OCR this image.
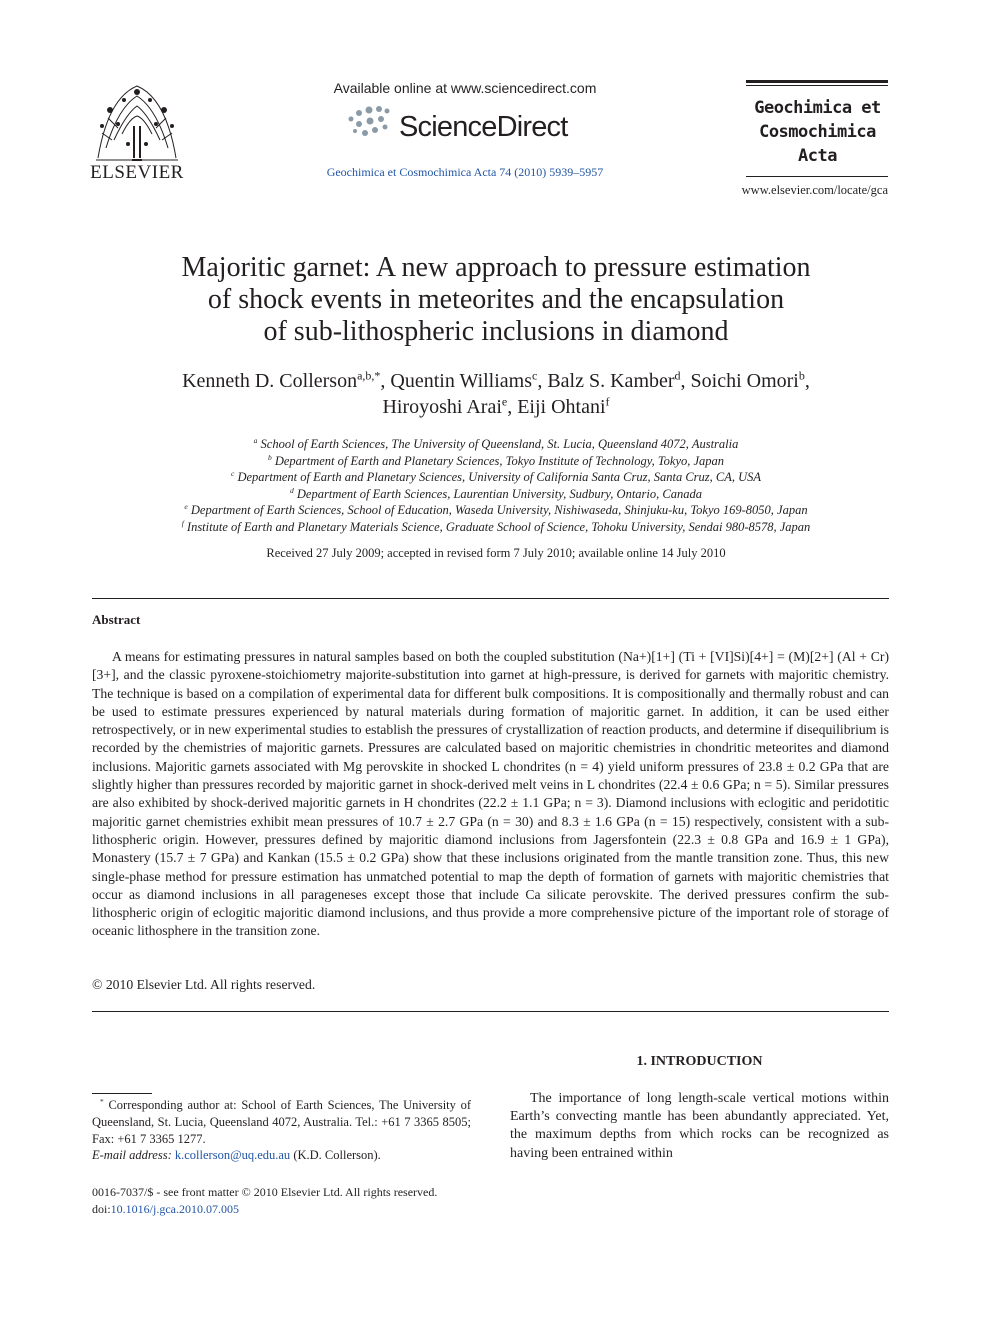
ELSEVIER
Available online at www.sciencedirect.com
ScienceDirect
Geochimica et Cosmochimica Acta 74 (2010) 5939–5957
Geochimica et
Cosmochimica
Acta
www.elsevier.com/locate/gca
Majoritic garnet: A new approach to pressure estimation
of shock events in meteorites and the encapsulation
of sub-lithospheric inclusions in diamond
Kenneth D. Collerson$^{a,b,*}$, Quentin Williams$^c$, Balz S. Kamber$^d$, Soichi Omori$^b$,
Hiroyoshi Arai$^e$, Eiji Ohtani$^f$
$^a$ School of Earth Sciences, The University of Queensland, St. Lucia, Queensland 4072, Australia
$^b$ Department of Earth and Planetary Sciences, Tokyo Institute of Technology, Tokyo, Japan
$^c$ Department of Earth and Planetary Sciences, University of California Santa Cruz, Santa Cruz, CA, USA
$^d$ Department of Earth Sciences, Laurentian University, Sudbury, Ontario, Canada
$^e$ Department of Earth Sciences, School of Education, Waseda University, Nishiwaseda, Shinjuku-ku, Tokyo 169-8050, Japan
$^f$ Institute of Earth and Planetary Materials Science, Graduate School of Science, Tohoku University, Sendai 980-8578, Japan
Received 27 July 2009; accepted in revised form 7 July 2010; available online 14 July 2010
Abstract
A means for estimating pressures in natural samples based on both the coupled substitution (Na+)[1+] (Ti + [VI]Si)[4+] = (M)[2+] (Al + Cr)[3+], and the classic pyroxene-stoichiometry majorite-substitution into garnet at high-pressure, is derived for garnets with majoritic chemistry. The technique is based on a compilation of experimental data for different bulk compositions. It is compositionally and thermally robust and can be used to estimate pressures experienced by natural materials during formation of majoritic garnet. In addition, it can be used either retrospectively, or in new experimental studies to establish the pressures of crystallization of reaction products, and determine if disequilibrium is recorded by the chemistries of majoritic garnets. Pressures are calculated based on majoritic chemistries in chondritic meteorites and diamond inclusions. Majoritic garnets associated with Mg perovskite in shocked L chondrites (n = 4) yield uniform pressures of 23.8 ± 0.2 GPa that are slightly higher than pressures recorded by majoritic garnet in shock-derived melt veins in L chondrites (22.4 ± 0.6 GPa; n = 5). Similar pressures are also exhibited by shock-derived majoritic garnets in H chondrites (22.2 ± 1.1 GPa; n = 3). Diamond inclusions with eclogitic and peridotitic majoritic garnet chemistries exhibit mean pressures of 10.7 ± 2.7 GPa (n = 30) and 8.3 ± 1.6 GPa (n = 15) respectively, consistent with a sub-lithospheric origin. However, pressures defined by majoritic diamond inclusions from Jagersfontein (22.3 ± 0.8 GPa and 16.9 ± 1 GPa), Monastery (15.7 ± 7 GPa) and Kankan (15.5 ± 0.2 GPa) show that these inclusions originated from the mantle transition zone. Thus, this new single-phase method for pressure estimation has unmatched potential to map the depth of formation of garnets with majoritic chemistries that occur as diamond inclusions in all parageneses except those that include Ca silicate perovskite. The derived pressures confirm the sub-lithospheric origin of eclogitic majoritic diamond inclusions, and thus provide a more comprehensive picture of the important role of storage of oceanic lithosphere in the transition zone.
© 2010 Elsevier Ltd. All rights reserved.
1. INTRODUCTION
The importance of long length-scale vertical motions within Earth’s convecting mantle has been abundantly appreciated. Yet, the maximum depths from which rocks can be recognized as having been entrained within
* Corresponding author at: School of Earth Sciences, The University of Queensland, St. Lucia, Queensland 4072, Australia. Tel.: +61 7 3365 8505; Fax: +61 7 3365 1277.
E-mail address: k.collerson@uq.edu.au (K.D. Collerson).
0016-7037/$ - see front matter © 2010 Elsevier Ltd. All rights reserved.
doi:10.1016/j.gca.2010.07.005
